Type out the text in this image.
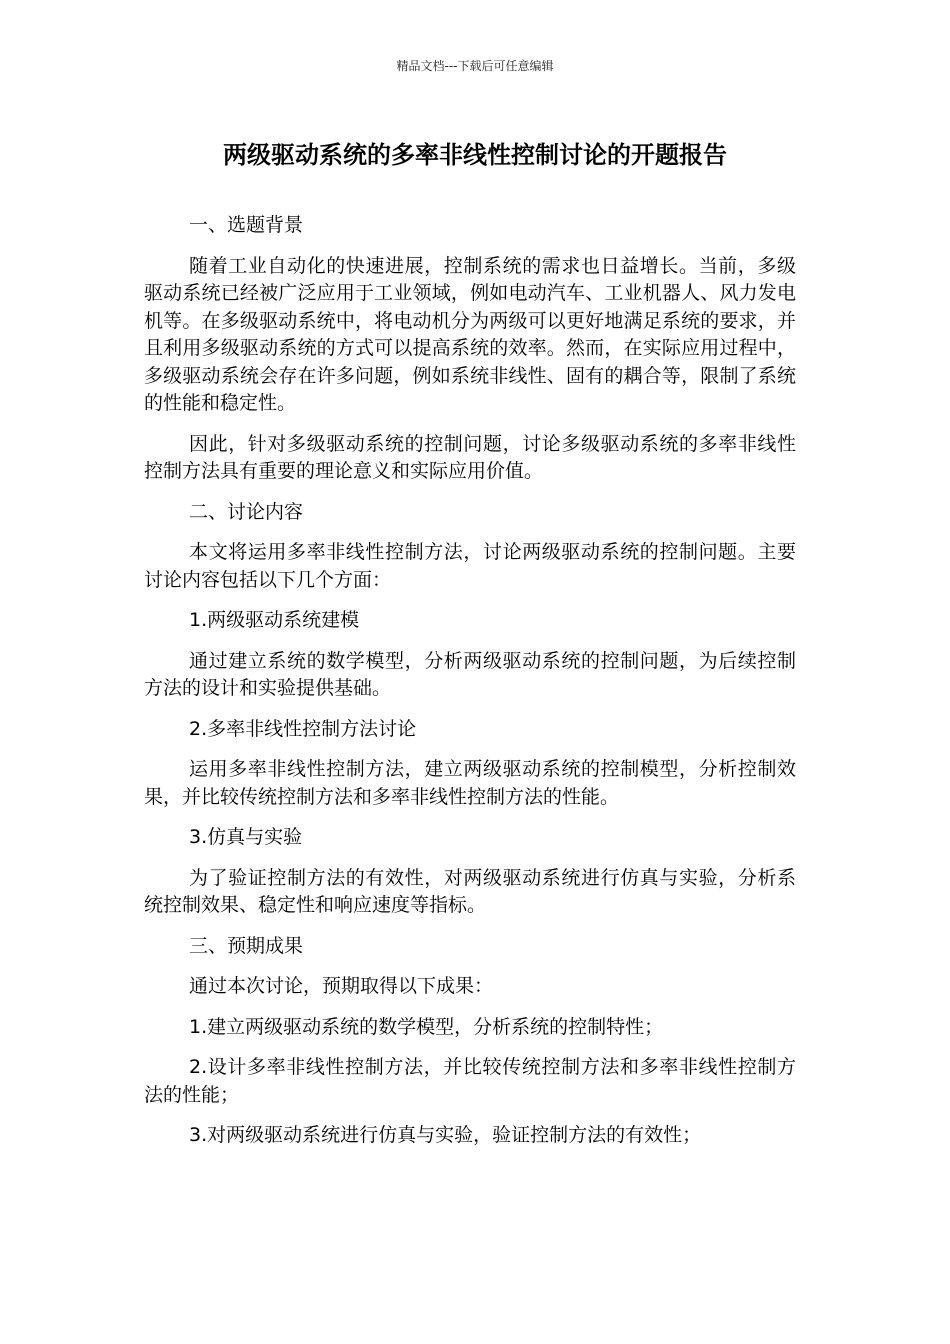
精品文档---下载后可任意编辑
两级驱动系统的多率非线性控制讨论的开题报告

一、选题背景

随着工业自动化的快速进展，控制系统的需求也日益增长。当前，多级驱动系统已经被广泛应用于工业领域，例如电动汽车、工业机器人、风力发电机等。在多级驱动系统中，将电动机分为两级可以更好地满足系统的要求，并且利用多级驱动系统的方式可以提高系统的效率。然而，在实际应用过程中，多级驱动系统会存在许多问题，例如系统非线性、固有的耦合等，限制了系统的性能和稳定性。

因此，针对多级驱动系统的控制问题，讨论多级驱动系统的多率非线性控制方法具有重要的理论意义和实际应用价值。

二、讨论内容

本文将运用多率非线性控制方法，讨论两级驱动系统的控制问题。主要讨论内容包括以下几个方面：

1.两级驱动系统建模

通过建立系统的数学模型，分析两级驱动系统的控制问题，为后续控制方法的设计和实验提供基础。

2.多率非线性控制方法讨论

运用多率非线性控制方法，建立两级驱动系统的控制模型，分析控制效果，并比较传统控制方法和多率非线性控制方法的性能。

3.仿真与实验

为了验证控制方法的有效性，对两级驱动系统进行仿真与实验，分析系统控制效果、稳定性和响应速度等指标。

三、预期成果

通过本次讨论，预期取得以下成果：

1.建立两级驱动系统的数学模型，分析系统的控制特性；

2.设计多率非线性控制方法，并比较传统控制方法和多率非线性控制方法的性能；

3.对两级驱动系统进行仿真与实验，验证控制方法的有效性；
